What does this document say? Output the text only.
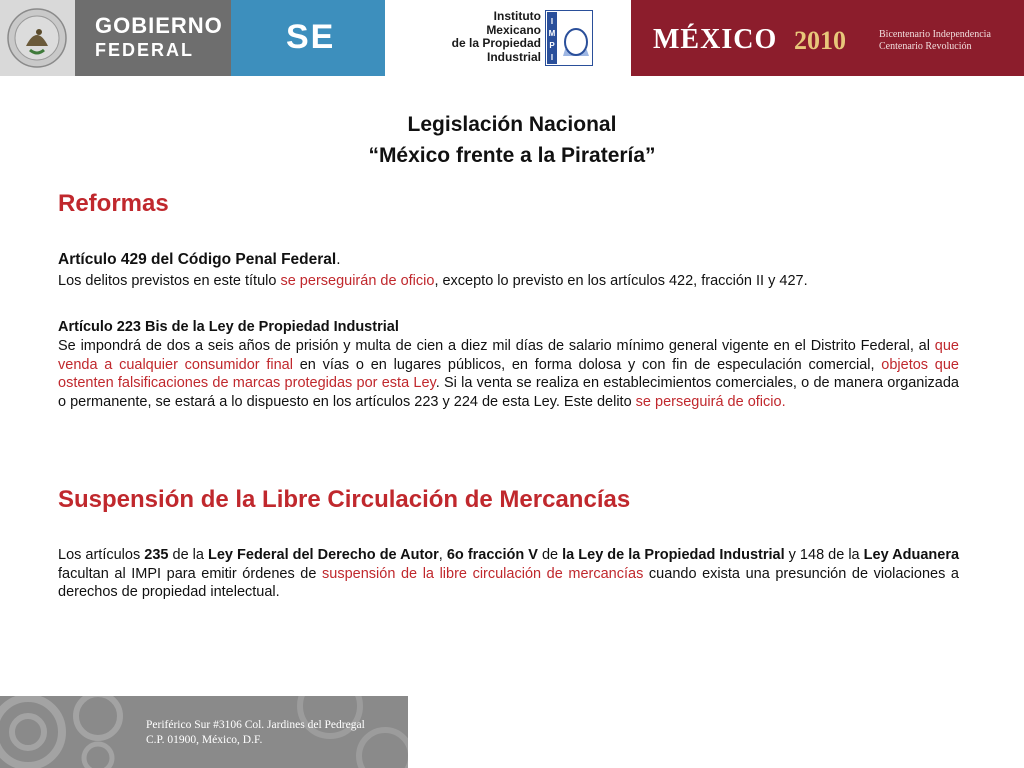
GOBIERNO
FEDERAL	SE
Instituto
Mexicano
de la Propiedad
Industrial
I
M
P
I
MÉXICO 2010	Bicentenario Independencia
Centenario Revolución
Legislación Nacional
“México frente a la Piratería”
Reformas
Artículo 429 del Código Penal Federal.
Los delitos previstos en este título se perseguirán de oficio, excepto lo previsto en los artículos 422, fracción II y 427.
Artículo 223 Bis de la Ley de Propiedad Industrial
Se impondrá de dos a seis años de prisión y multa de cien a diez mil días de salario mínimo general vigente en el Distrito Federal, al que venda a cualquier consumidor final en vías o en lugares públicos, en forma dolosa y con fin de especulación comercial, objetos que ostenten falsificaciones de marcas protegidas por esta Ley. Si la venta se realiza en establecimientos comerciales, o de manera organizada o permanente, se estará a lo dispuesto en los artículos 223 y 224 de esta Ley. Este delito se perseguirá de oficio.
Suspensión de la Libre Circulación de Mercancías
Los artículos 235 de la Ley Federal del Derecho de Autor, 6o fracción V de la Ley de la Propiedad Industrial y 148 de la Ley Aduanera facultan al IMPI para emitir órdenes de suspensión de la libre circulación de mercancías cuando exista una presunción de violaciones a derechos de propiedad intelectual.
Periférico Sur #3106 Col. Jardines del Pedregal
C.P. 01900, México, D.F.
